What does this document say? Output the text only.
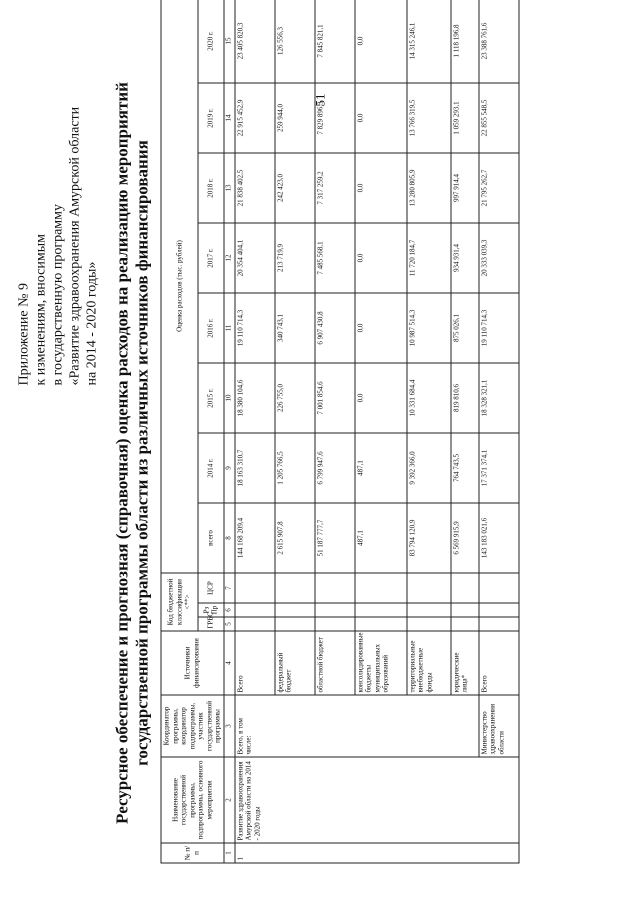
51
Приложение № 9 к изменениям, вносимым в государственную программу «Развитие здравоохранения Амурской области на 2014 - 2020 годы» Ресурсное обеспечение и прогнозная (справочная) оценка расходов на реализацию мероприятий государственной программы области из различных источников финансирования
№ п/п	Наименование государственной программы, подпрограммы, основного мероприятия	Координатор программы, координатор подпрограммы, участник государственной программы	Источники финансирования	Код бюджетной классификации <**>			Оценка расходов (тыс. рублей)							
				ГРБС	Рз Пр	ЦСР	всего	2014 г.	2015 г.	2016 г.	2017 г.	2018 г.	2019 г.	2020 г.
1	2	3	4	5	6	7	8	9	10	11	12	13	14	15
1	Развитие здравоохранения Амурской области на 2014 - 2020 годы	Всего, в том числе:	Всего				144 168 209,4	18 163 310,7	18 380 104,6	19 110 714,3	20 354 404,1	21 838 402,5	22 915 452,9	23 405 820,3
			федеральный бюджет				2 615 907,8	1 205 766,5	226 755,0	340 743,1	213 719,9	242 423,0	259 944,0	126 556,3
			областной бюджет				51 187 777,7	6 799 947,6	7 001 854,6	6 907 430,8	7 485 568,1	7 317 259,2	7 829 896,3	7 845 821,1
			консолидированные бюджеты муниципальных образований				487,1	487,1	0,0	0,0	0,0	0,0	0,0	0,0
			территориальные внебюджетные фонды				83 794 120,9	9 392 366,0	10 331 684,4	10 987 514,3	11 720 184,7	13 280 805,9	13 766 319,5	14 315 246,1
			юридические лица*				6 569 915,9	764 743,5	819 810,6	875 026,1	934 931,4	997 914,4	1 059 293,1	1 118 196,8
		Министерство здравоохранения области	Всего				143 183 021,6	17 371 374,1	18 328 321,1	19 110 714,3	20 333 039,3	21 795 262,7	22 855 548,5	23 388 761,6
